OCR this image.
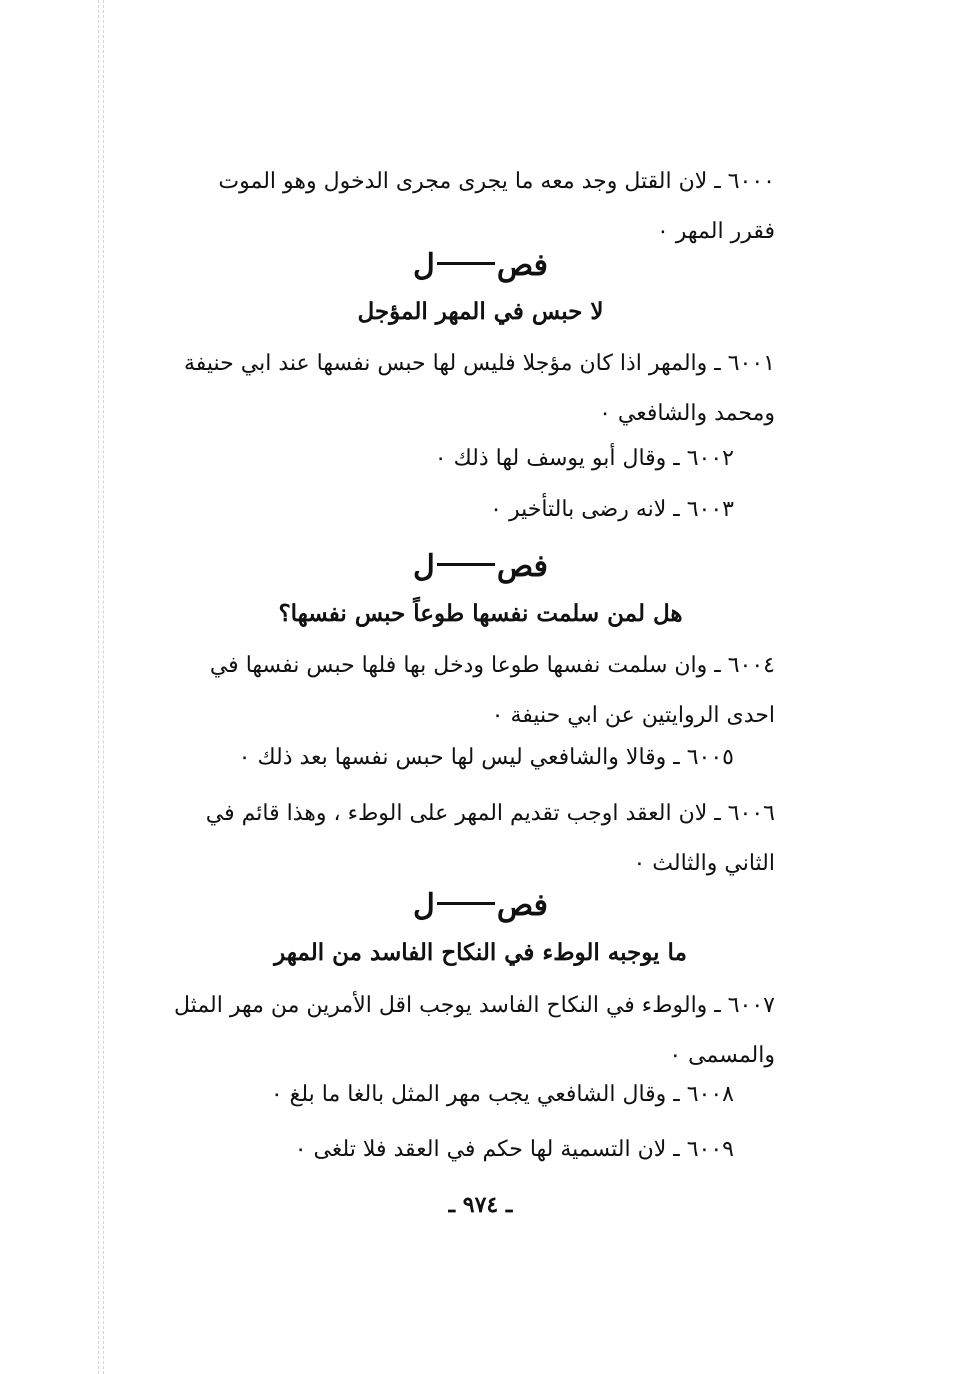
٦٠٠٠ ـ لان القتل وجد معه ما يجرى مجرى الدخول وهو الموت
فقرر المهر ٠
فصل
لا حبس في المهر المؤجل
٦٠٠١ ـ والمهر اذا كان مؤجلا فليس لها حبس نفسها عند ابي حنيفة
ومحمد والشافعي ٠
٦٠٠٢ ـ وقال أبو يوسف لها ذلك ٠
٦٠٠٣ ـ لانه رضى بالتأخير ٠
فصل
هل لمن سلمت نفسها طوعاً حبس نفسها؟
٦٠٠٤ ـ وان سلمت نفسها طوعا ودخل بها فلها حبس نفسها في
احدى الروايتين عن ابي حنيفة ٠
٦٠٠٥ ـ وقالا والشافعي ليس لها حبس نفسها بعد ذلك ٠
٦٠٠٦ ـ لان العقد اوجب تقديم المهر على الوطء ، وهذا قائم في
الثاني والثالث ٠
فصل
ما يوجبه الوطء في النكاح الفاسد من المهر
٦٠٠٧ ـ والوطء في النكاح الفاسد يوجب اقل الأمرين من مهر المثل
والمسمى ٠
٦٠٠٨ ـ وقال الشافعي يجب مهر المثل بالغا ما بلغ ٠
٦٠٠٩ ـ لان التسمية لها حكم في العقد فلا تلغى ٠
ـ ٩٧٤ ـ
